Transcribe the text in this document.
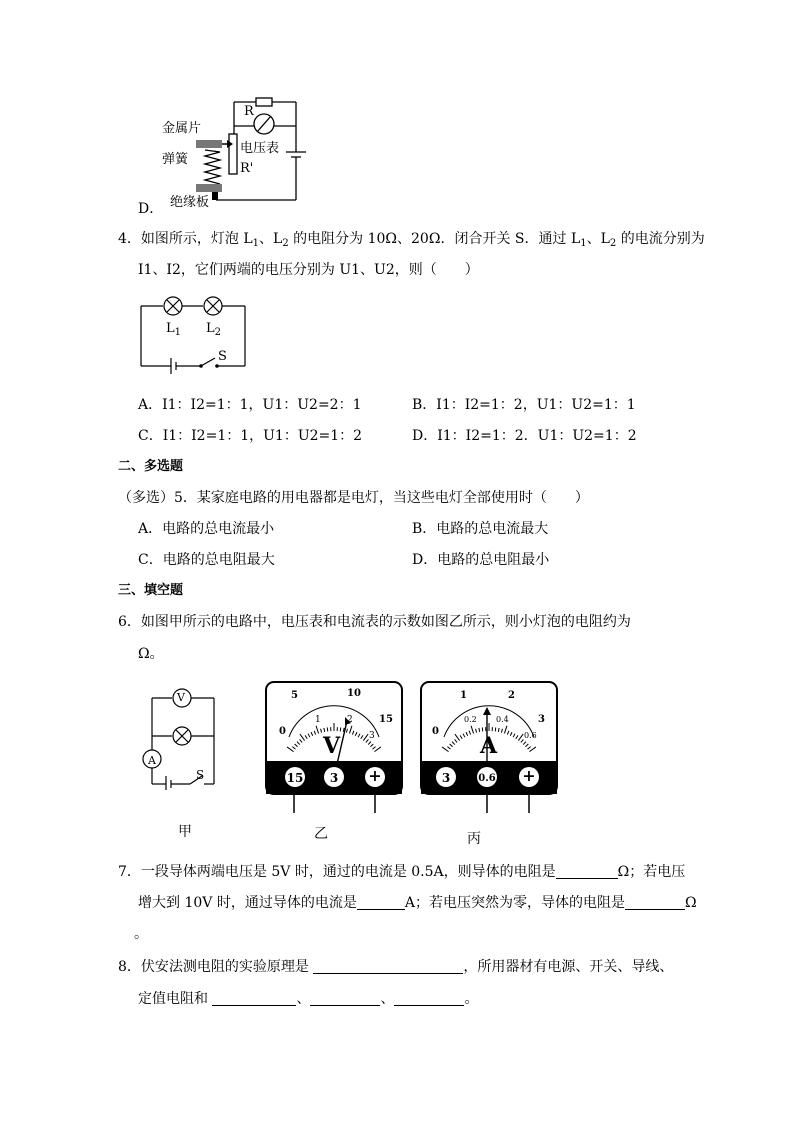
金属片
弹簧
电压表
绝缘板
R
R'
D．
4．如图所示，灯泡 $L_1$、$L_2$ 的电阻分为 10Ω、20Ω．闭合开关 S．通过 $L_1$、$L_2$ 的电流分别为
I1、I2，它们两端的电压分别为 U1、U2，则（　　）
$L_1$ $L_2$
S
A．I1：I2=1：1，U1：U2=2：1	B．I1：I2=1：2，U1：U2=1：1
C．I1：I2=1：1，U1：U2=1：2	D．I1：I2=1：2．U1：U2=1：2
二、多选题
（多选）5．某家庭电路的用电器都是电灯，当这些电灯全部使用时（　　）
A．电路的总电流最小	B．电路的总电流最大
C．电路的总电阻最大	D．电路的总电阻最小
三、填空题
6．如图甲所示的电路中，电压表和电流表的示数如图乙所示，则小灯泡的电阻约为
Ω。
V
A
S
甲
5	10
0
15
1	2
3
V
15	3	+
乙
1	2
0
3
0.2 0.4
0.6
A
3	0.6 +
丙
7．一段导体两端电压是 5V 时，通过的电流是 0.5A，则导体的电阻是	Ω；若电压
增大到 10V 时，通过导体的电流是	A；若电压突然为零，导体的电阻是	Ω
。
8．伏安法测电阻的实验原理是	，所用器材有电源、开关、导线、
定值电阻和	、	、	。
